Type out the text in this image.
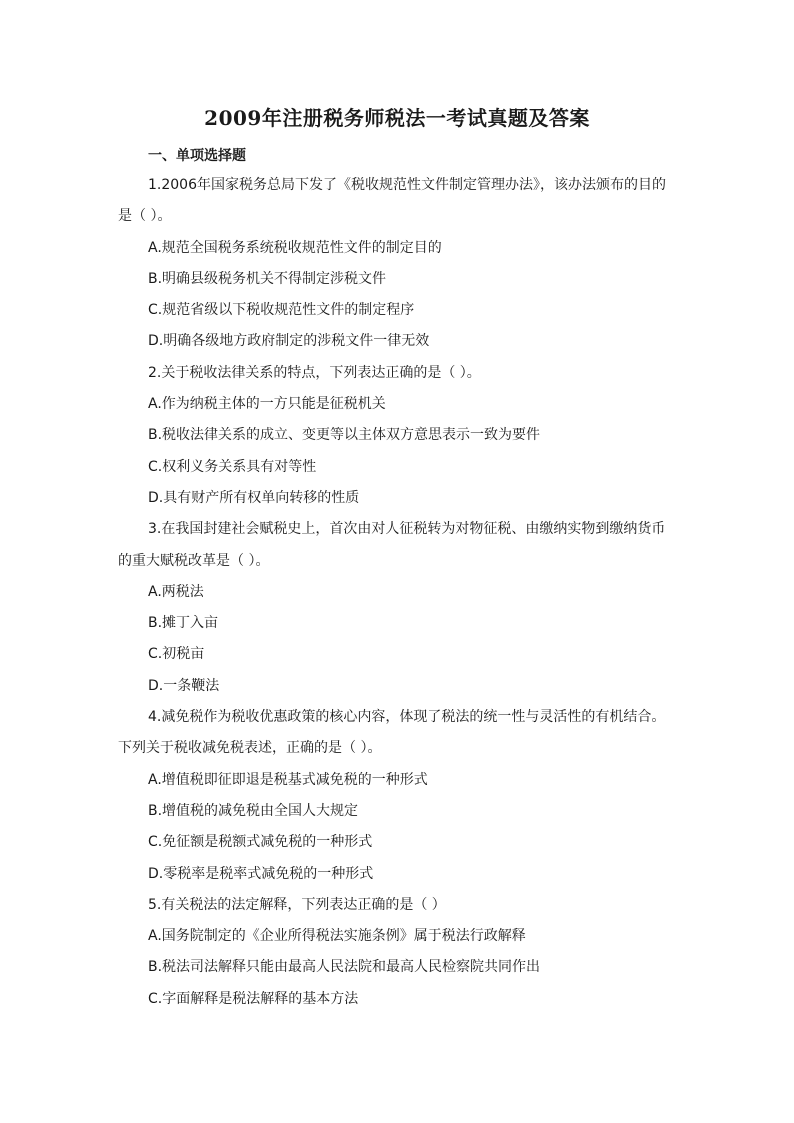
2009年注册税务师税法一考试真题及答案
一、单项选择题
1.2006年国家税务总局下发了《税收规范性文件制定管理办法》，该办法颁布的目的
是（ ）。
A.规范全国税务系统税收规范性文件的制定目的
B.明确县级税务机关不得制定涉税文件
C.规范省级以下税收规范性文件的制定程序
D.明确各级地方政府制定的涉税文件一律无效
2.关于税收法律关系的特点，下列表达正确的是（ ）。
A.作为纳税主体的一方只能是征税机关
B.税收法律关系的成立、变更等以主体双方意思表示一致为要件
C.权利义务关系具有对等性
D.具有财产所有权单向转移的性质
3.在我国封建社会赋税史上，首次由对人征税转为对物征税、由缴纳实物到缴纳货币
的重大赋税改革是（ ）。
A.两税法
B.摊丁入亩
C.初税亩
D.一条鞭法
4.减免税作为税收优惠政策的核心内容，体现了税法的统一性与灵活性的有机结合。
下列关于税收减免税表述，正确的是（ ）。
A.增值税即征即退是税基式减免税的一种形式
B.增值税的减免税由全国人大规定
C.免征额是税额式减免税的一种形式
D.零税率是税率式减免税的一种形式
5.有关税法的法定解释，下列表达正确的是（ ）
A.国务院制定的《企业所得税法实施条例》属于税法行政解释
B.税法司法解释只能由最高人民法院和最高人民检察院共同作出
C.字面解释是税法解释的基本方法
